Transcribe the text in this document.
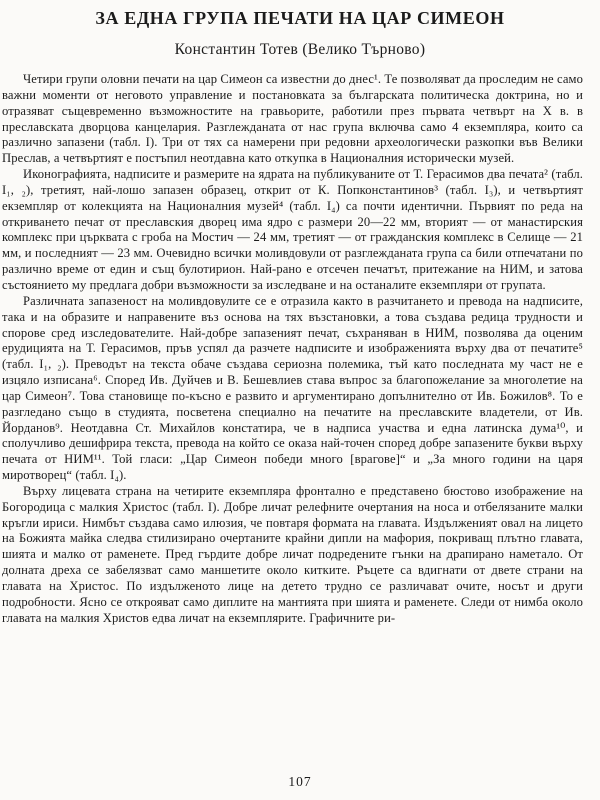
ЗА ЕДНА ГРУПА ПЕЧАТИ НА ЦАР СИМЕОН
Константин Тотев (Велико Търново)

Четири групи оловни печати на цар Симеон са известни до днес¹. Те позволяват да проследим не само важни моменти от неговото управление и постановката за българската политическа доктрина, но и отразяват същевременно възможностите на гравьорите, работили през първата четвърт на X в. в преславската дворцова канцелария. Разглежданата от нас група включва само 4 екземпляра, които са различно запазени (табл. I). Три от тях са намерени при редовни археологически разкопки във Велики Преслав, а четвъртият е постъпил неотдавна като откупка в Националния исторически музей.

Иконографията, надписите и размерите на ядрата на публикуваните от Т. Герасимов два печата² (табл. I₁, ₂), третият, най-лошо запазен образец, открит от К. Попконстантинов³ (табл. I₃), и четвъртият екземпляр от колекцията на Националния музей⁴ (табл. I₄) са почти идентични. Първият по реда на откриването печат от преславския дворец има ядро с размери 20—22 мм, вторият — от манастирския комплекс при църквата с гроба на Мостич — 24 мм, третият — от гражданския комплекс в Селище — 21 мм, и последният — 23 мм. Очевидно всички моливдовули от разглежданата група са били отпечатани по различно време от един и същ булотирион. Най-рано е отсечен печатът, притежание на НИМ, и затова състоянието му предлага добри възможности за изследване и на останалите екземпляри от групата.

Различната запазеност на моливдовулите се е отразила както в разчитането и превода на надписите, така и на образите и направените въз основа на тях възстановки, а това създава редица трудности и спорове сред изследователите. Най-добре запазеният печат, съхраняван в НИМ, позволява да оценим ерудицията на Т. Герасимов, пръв успял да разчете надписите и изображенията върху два от печатите⁵ (табл. I₁, ₂). Преводът на текста обаче създава сериозна полемика, тъй като последната му част не е изцяло изписана⁶. Според Ив. Дуйчев и В. Бешевлиев става въпрос за благопожелание за многолетие на цар Симеон⁷. Това становище по-късно е развито и аргументирано допълнително от Ив. Божилов⁸. То е разгледано също в студията, посветена специално на печатите на преславските владетели, от Ив. Йорданов⁹. Неотдавна Ст. Михайлов констатира, че в надписа участва и една латинска дума¹⁰, и сполучливо дешифрира текста, превода на който се оказа най-точен според добре запазените букви върху печата от НИМ¹¹. Той гласи: „Цар Симеон победи много [врагове]“ и „За много години на царя миротворец“ (табл. I₄).

Върху лицевата страна на четирите екземпляра фронтално е представено бюстово изображение на Богородица с малкия Христос (табл. I). Добре личат релефните очертания на носа и отбелязаните малки кръгли ириси. Нимбът създава само илюзия, че повтаря формата на главата. Издълженият овал на лицето на Божията майка следва стилизирано очертаните крайни дипли на мафория, покриващ плътно главата, шията и малко от раменете. Пред гърдите добре личат подредените гънки на драпирано наметало. От долната дреха се забелязват само маншетите около китките. Ръцете са вдигнати от двете страни на главата на Христос. По издълженото лице на детето трудно се различават очите, носът и други подробности. Ясно се открояват само диплите на мантията при шията и раменете. Следи от нимба около главата на малкия Христов едва личат на екземплярите. Графичните ри-

107
